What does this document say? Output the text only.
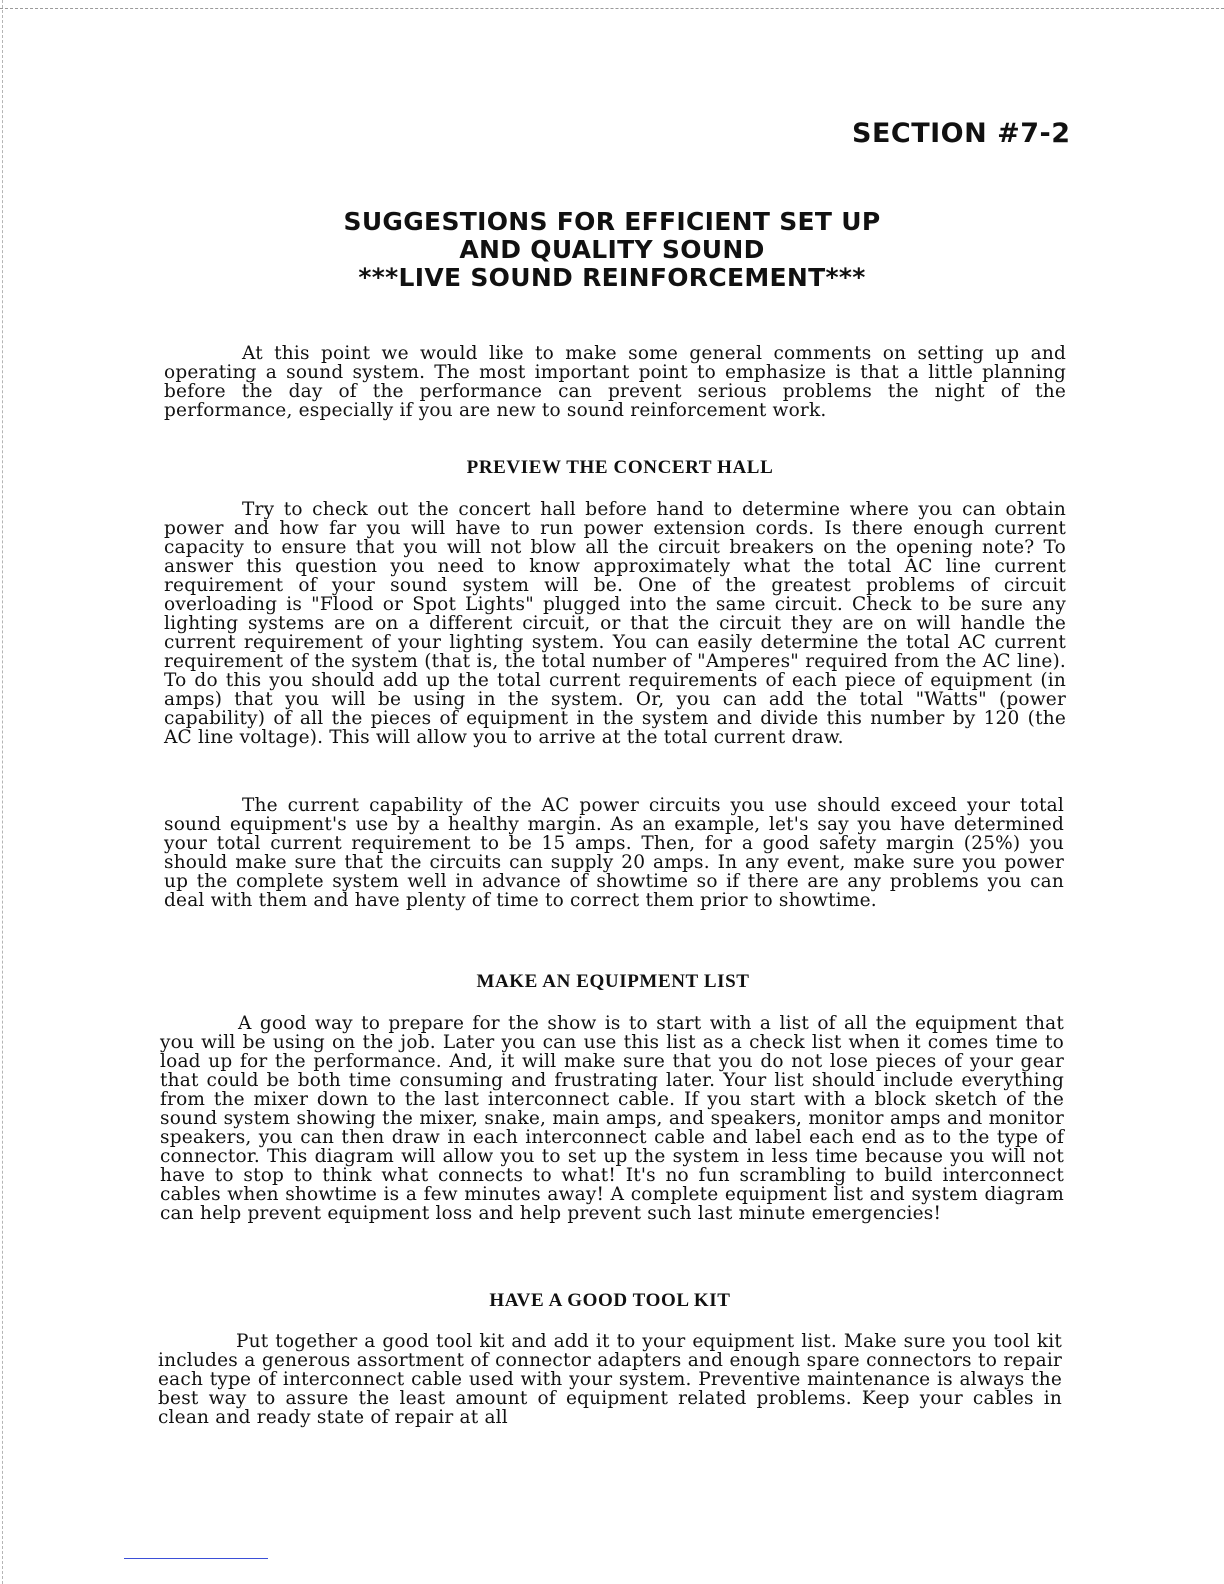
SECTION #7-2
SUGGESTIONS FOR EFFICIENT SET UP
AND QUALITY SOUND
***LIVE SOUND REINFORCEMENT***

At this point we would like to make some general comments on setting up and operating a sound system. The most important point to emphasize is that a little planning before the day of the performance can prevent serious problems the night of the performance, especially if you are new to sound reinforcement work.

PREVIEW THE CONCERT HALL

Try to check out the concert hall before hand to determine where you can obtain power and how far you will have to run power extension cords. Is there enough current capacity to ensure that you will not blow all the circuit breakers on the opening note? To answer this question you need to know approximately what the total AC line current requirement of your sound system will be. One of the greatest problems of circuit overloading is "Flood or Spot Lights" plugged into the same circuit. Check to be sure any lighting systems are on a different circuit, or that the circuit they are on will handle the current requirement of your lighting system. You can easily determine the total AC current requirement of the system (that is, the total number of "Amperes" required from the AC line). To do this you should add up the total current requirements of each piece of equipment (in amps) that you will be using in the system. Or, you can add the total "Watts" (power capability) of all the pieces of equipment in the system and divide this number by 120 (the AC line voltage). This will allow you to arrive at the total current draw.

The current capability of the AC power circuits you use should exceed your total sound equipment's use by a healthy margin. As an example, let's say you have determined your total current requirement to be 15 amps. Then, for a good safety margin (25%) you should make sure that the circuits can supply 20 amps. In any event, make sure you power up the complete system well in advance of showtime so if there are any problems you can deal with them and have plenty of time to correct them prior to showtime.

MAKE AN EQUIPMENT LIST

A good way to prepare for the show is to start with a list of all the equipment that you will be using on the job. Later you can use this list as a check list when it comes time to load up for the performance. And, it will make sure that you do not lose pieces of your gear that could be both time consuming and frustrating later. Your list should include everything from the mixer down to the last interconnect cable. If you start with a block sketch of the sound system showing the mixer, snake, main amps, and speakers, monitor amps and monitor speakers, you can then draw in each interconnect cable and label each end as to the type of connector. This diagram will allow you to set up the system in less time because you will not have to stop to think what connects to what! It's no fun scrambling to build interconnect cables when showtime is a few minutes away! A complete equipment list and system diagram can help prevent equipment loss and help prevent such last minute emergencies!

HAVE A GOOD TOOL KIT

Put together a good tool kit and add it to your equipment list. Make sure you tool kit includes a generous assortment of connector adapters and enough spare connectors to repair each type of interconnect cable used with your system. Preventive maintenance is always the best way to assure the least amount of equipment related problems. Keep your cables in clean and ready state of repair at all
